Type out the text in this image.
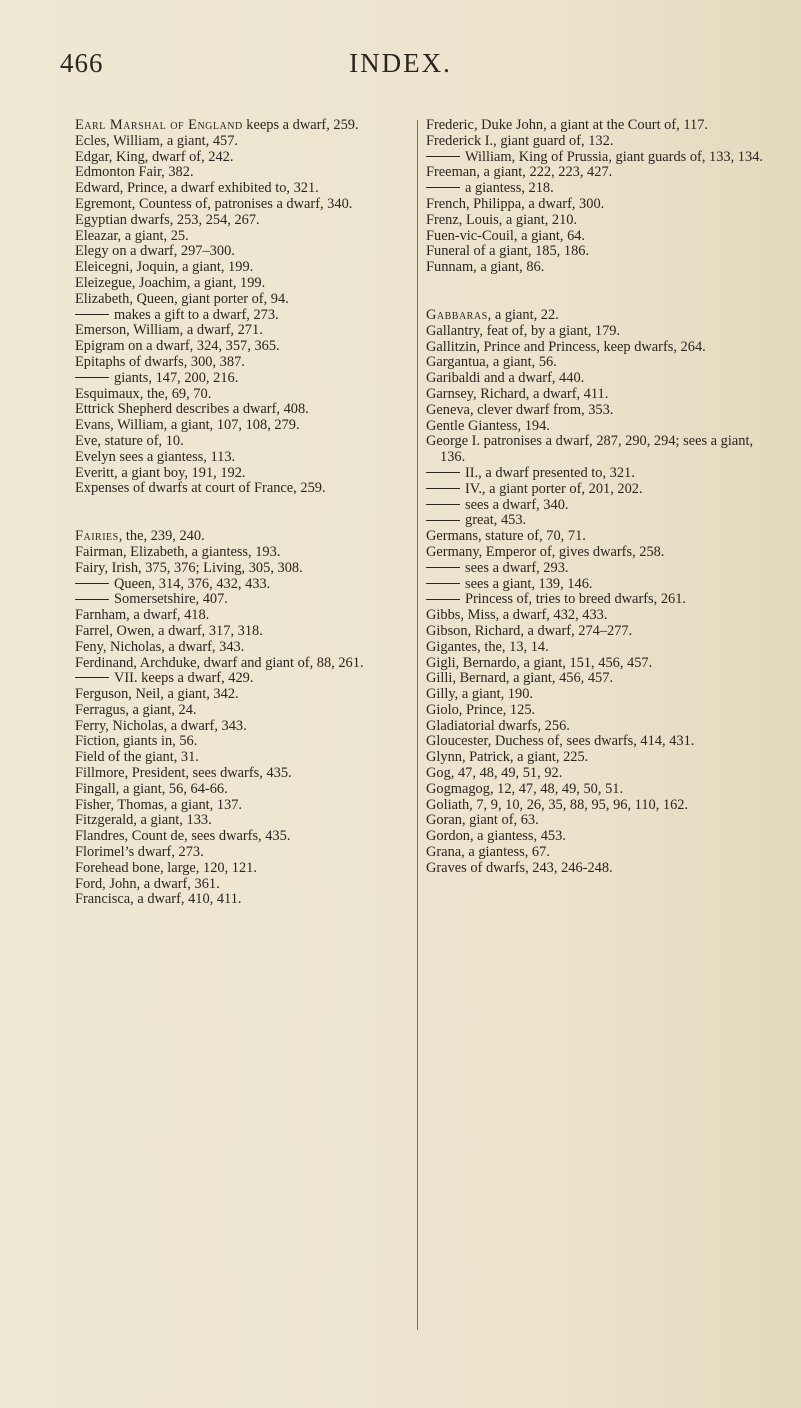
466	INDEX.

Earl Marshal of England keeps a dwarf, 259.

Ecles, William, a giant, 457.

Edgar, King, dwarf of, 242.

Edmonton Fair, 382.

Edward, Prince, a dwarf exhibited to, 321.

Egremont, Countess of, patronises a dwarf, 340.

Egyptian dwarfs, 253, 254, 267.

Eleazar, a giant, 25.

Elegy on a dwarf, 297–300.

Eleicegni, Joquin, a giant, 199.

Eleizegue, Joachim, a giant, 199.

Elizabeth, Queen, giant porter of, 94.

makes a gift to a dwarf, 273.

Emerson, William, a dwarf, 271.

Epigram on a dwarf, 324, 357, 365.

Epitaphs of dwarfs, 300, 387.

giants, 147, 200, 216.

Esquimaux, the, 69, 70.

Ettrick Shepherd describes a dwarf, 408.

Evans, William, a giant, 107, 108, 279.

Eve, stature of, 10.

Evelyn sees a giantess, 113.

Everitt, a giant boy, 191, 192.

Expenses of dwarfs at court of France, 259.

Fairies, the, 239, 240.

Fairman, Elizabeth, a giantess, 193.

Fairy, Irish, 375, 376; Living, 305, 308.

Queen, 314, 376, 432, 433.

Somersetshire, 407.

Farnham, a dwarf, 418.

Farrel, Owen, a dwarf, 317, 318.

Feny, Nicholas, a dwarf, 343.

Ferdinand, Archduke, dwarf and giant of, 88, 261.

VII. keeps a dwarf, 429.

Ferguson, Neil, a giant, 342.

Ferragus, a giant, 24.

Ferry, Nicholas, a dwarf, 343.

Fiction, giants in, 56.

Field of the giant, 31.

Fillmore, President, sees dwarfs, 435.

Fingall, a giant, 56, 64-66.

Fisher, Thomas, a giant, 137.

Fitzgerald, a giant, 133.

Flandres, Count de, sees dwarfs, 435.

Florimel’s dwarf, 273.

Forehead bone, large, 120, 121.

Ford, John, a dwarf, 361.

Francisca, a dwarf, 410, 411.

Frederic, Duke John, a giant at the Court of, 117.

Frederick I., giant guard of, 132.

William, King of Prussia, giant guards of, 133, 134.

Freeman, a giant, 222, 223, 427.

a giantess, 218.

French, Philippa, a dwarf, 300.

Frenz, Louis, a giant, 210.

Fuen-vic-Couil, a giant, 64.

Funeral of a giant, 185, 186.

Funnam, a giant, 86.

Gabbaras, a giant, 22.

Gallantry, feat of, by a giant, 179.

Gallitzin, Prince and Princess, keep dwarfs, 264.

Gargantua, a giant, 56.

Garibaldi and a dwarf, 440.

Garnsey, Richard, a dwarf, 411.

Geneva, clever dwarf from, 353.

Gentle Giantess, 194.

George I. patronises a dwarf, 287, 290, 294; sees a giant, 136.

II., a dwarf presented to, 321.

IV., a giant porter of, 201, 202.

sees a dwarf, 340.

great, 453.

Germans, stature of, 70, 71.

Germany, Emperor of, gives dwarfs, 258.

sees a dwarf, 293.

sees a giant, 139, 146.

Princess of, tries to breed dwarfs, 261.

Gibbs, Miss, a dwarf, 432, 433.

Gibson, Richard, a dwarf, 274–277.

Gigantes, the, 13, 14.

Gigli, Bernardo, a giant, 151, 456, 457.

Gilli, Bernard, a giant, 456, 457.

Gilly, a giant, 190.

Giolo, Prince, 125.

Gladiatorial dwarfs, 256.

Gloucester, Duchess of, sees dwarfs, 414, 431.

Glynn, Patrick, a giant, 225.

Gog, 47, 48, 49, 51, 92.

Gogmagog, 12, 47, 48, 49, 50, 51.

Goliath, 7, 9, 10, 26, 35, 88, 95, 96, 110, 162.

Goran, giant of, 63.

Gordon, a giantess, 453.

Grana, a giantess, 67.

Graves of dwarfs, 243, 246-248.
